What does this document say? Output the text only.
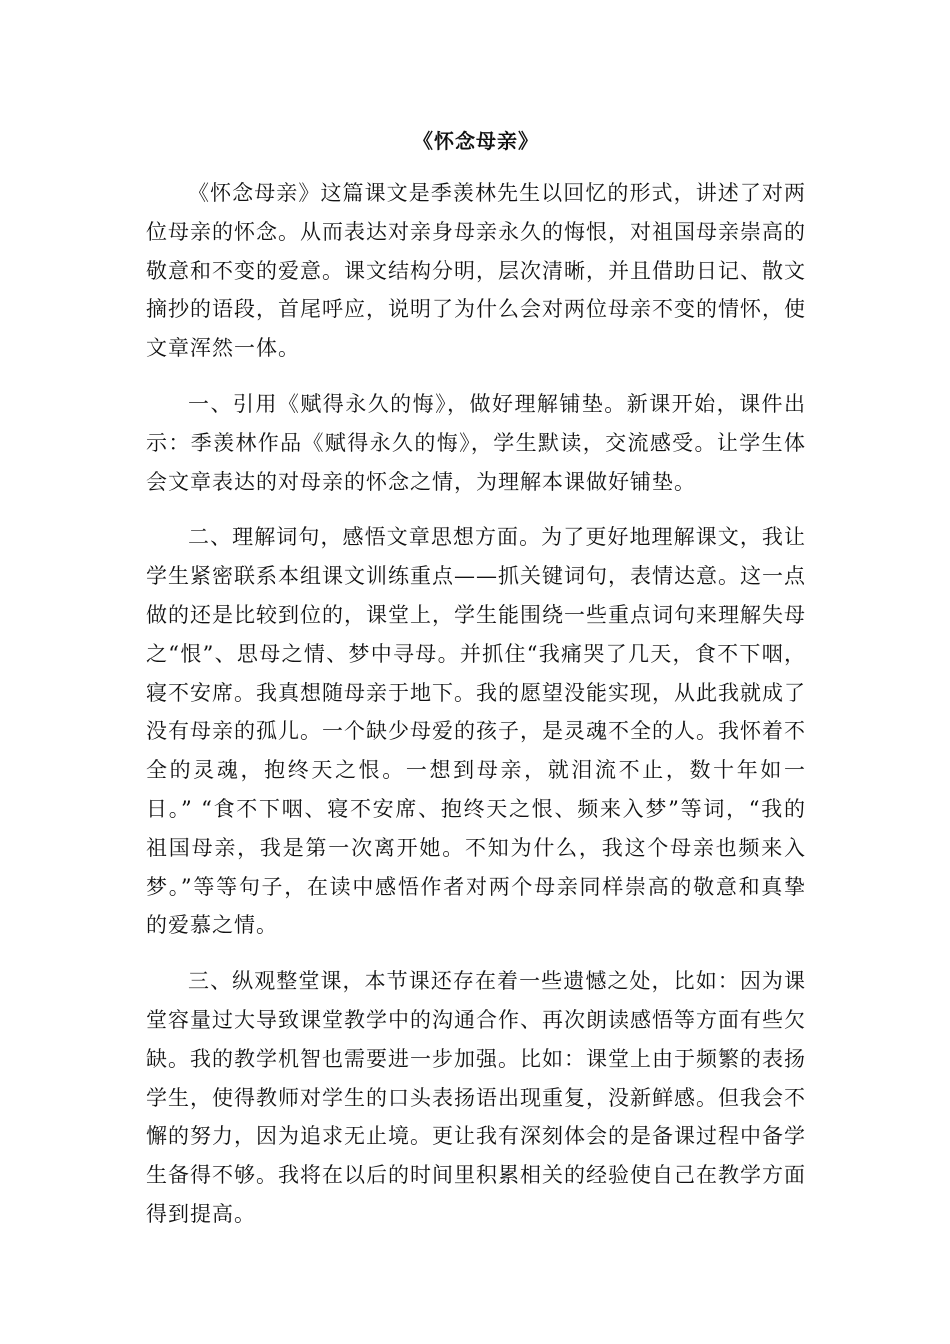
《怀念母亲》

《怀念母亲》这篇课文是季羡林先生以回忆的形式，讲述了对两位母亲的怀念。从而表达对亲身母亲永久的悔恨，对祖国母亲崇高的敬意和不变的爱意。课文结构分明，层次清晰，并且借助日记、散文摘抄的语段，首尾呼应，说明了为什么会对两位母亲不变的情怀，使文章浑然一体。

一、引用《赋得永久的悔》，做好理解铺垫。新课开始，课件出示：季羡林作品《赋得永久的悔》，学生默读，交流感受。让学生体会文章表达的对母亲的怀念之情，为理解本课做好铺垫。

二、理解词句，感悟文章思想方面。为了更好地理解课文，我让学生紧密联系本组课文训练重点——抓关键词句，表情达意。这一点做的还是比较到位的，课堂上，学生能围绕一些重点词句来理解失母之“恨”、思母之情、梦中寻母。并抓住“我痛哭了几天，食不下咽，寝不安席。我真想随母亲于地下。我的愿望没能实现，从此我就成了没有母亲的孤儿。一个缺少母爱的孩子，是灵魂不全的人。我怀着不全的灵魂，抱终天之恨。一想到母亲，就泪流不止，数十年如一日。” “食不下咽、寝不安席、抱终天之恨、频来入梦”等词，“我的祖国母亲，我是第一次离开她。不知为什么，我这个母亲也频来入梦。”等等句子，在读中感悟作者对两个母亲同样崇高的敬意和真挚的爱慕之情。

三、纵观整堂课，本节课还存在着一些遗憾之处，比如：因为课堂容量过大导致课堂教学中的沟通合作、再次朗读感悟等方面有些欠缺。我的教学机智也需要进一步加强。比如：课堂上由于频繁的表扬学生，使得教师对学生的口头表扬语出现重复，没新鲜感。但我会不懈的努力，因为追求无止境。更让我有深刻体会的是备课过程中备学生备得不够。我将在以后的时间里积累相关的经验使自己在教学方面得到提高。
